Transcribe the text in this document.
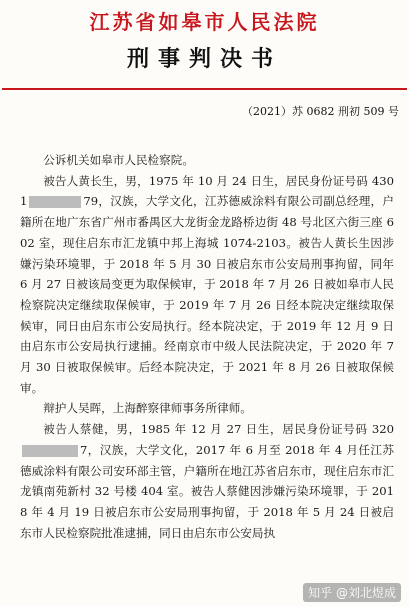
江苏省如皋市人民法院
刑事判决书
（2021）苏 0682 刑初 509 号

公诉机关如皋市人民检察院。

被告人黄长生，男，1975 年 10 月 24 日生，居民身份证号码 4301	79，汉族，大学文化，江苏德威涂料有限公司副总经理，户籍所在地广东省广州市番禺区大龙街金龙路桥边街 48 号北区六街三座 602 室，现住启东市汇龙镇中邦上海城 1074-2103。被告人黄长生因涉嫌污染环境罪，于 2018 年 5 月 30 日被启东市公安局刑事拘留，同年 6 月 27 日被该局变更为取保候审，于 2018 年 7 月 26 日被如皋市人民检察院决定继续取保候审，于 2019 年 7 月 26 日经本院决定继续取保候审，同日由启东市公安局执行。经本院决定，于 2019 年 12 月 9 日由启东市公安局执行逮捕。经南京市中级人民法院决定，于 2020 年 7 月 30 日被取保候审。后经本院决定，于 2021 年 8 月 26 日被取保候审。

辩护人吴晖，上海醉察律师事务所律师。

被告人蔡健，男，1985 年 12 月 27 日生，居民身份证号码 3207，汉族，大学文化，2017 年 6 月至 2018 年 4 月任江苏德威涂料有限公司安环部主管，户籍所在地江苏省启东市，现住启东市汇龙镇南苑新村 32 号楼 404 室。被告人蔡健因涉嫌污染环境罪，于 2018 年 4 月 19 日被启东市公安局刑事拘留，于 2018 年 5 月 24 日被启东市人民检察院批准逮捕，同日由启东市公安局执

知乎 @刘北煜成
